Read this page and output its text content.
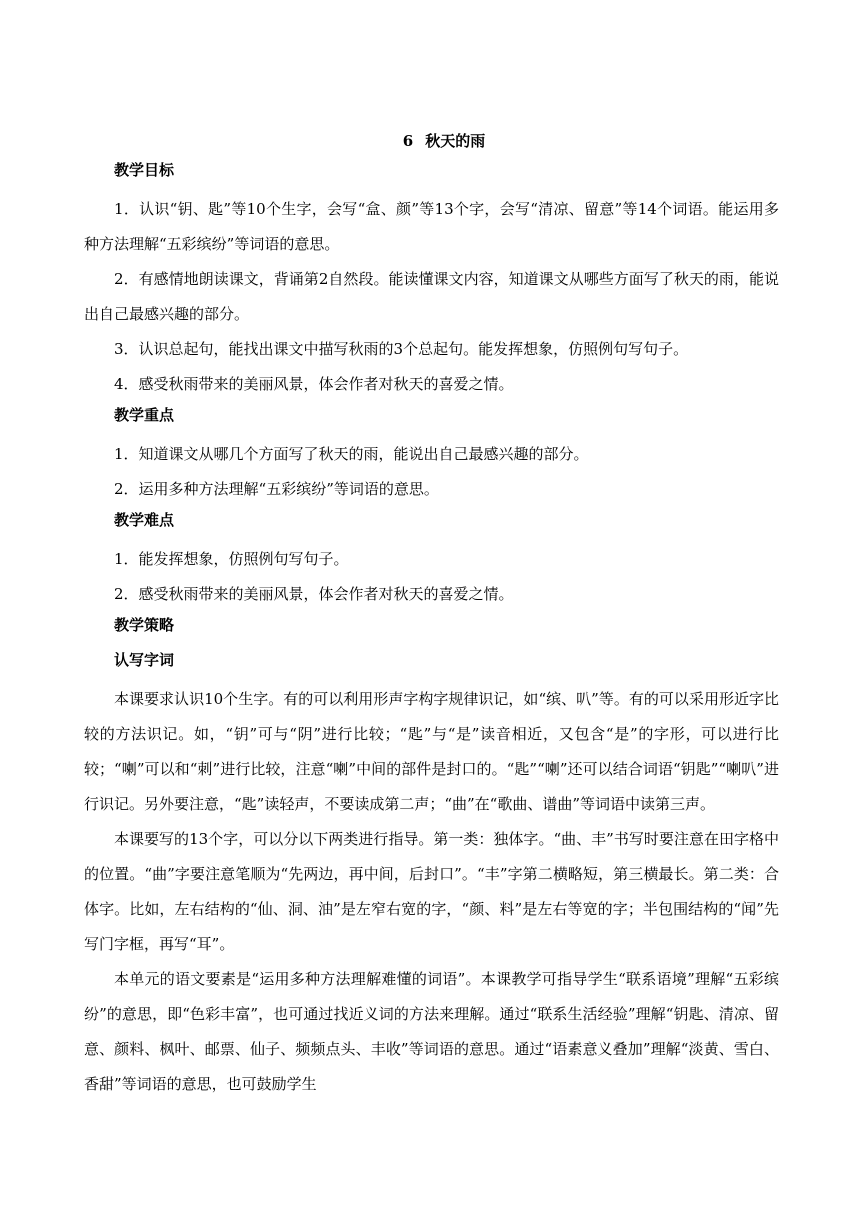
6 秋天的雨
教学目标

1．认识“钥、匙”等10个生字，会写“盒、颜”等13个字，会写“清凉、留意”等14个词语。能运用多种方法理解“五彩缤纷”等词语的意思。

2．有感情地朗读课文，背诵第2自然段。能读懂课文内容，知道课文从哪些方面写了秋天的雨，能说出自己最感兴趣的部分。

3．认识总起句，能找出课文中描写秋雨的3个总起句。能发挥想象，仿照例句写句子。

4．感受秋雨带来的美丽风景，体会作者对秋天的喜爱之情。

教学重点

1．知道课文从哪几个方面写了秋天的雨，能说出自己最感兴趣的部分。

2．运用多种方法理解“五彩缤纷”等词语的意思。

教学难点

1．能发挥想象，仿照例句写句子。

2．感受秋雨带来的美丽风景，体会作者对秋天的喜爱之情。

教学策略
认写字词

本课要求认识10个生字。有的可以利用形声字构字规律识记，如“缤、叭”等。有的可以采用形近字比较的方法识记。如，“钥”可与“阴”进行比较；“匙”与“是”读音相近，又包含“是”的字形，可以进行比较；“喇”可以和“刺”进行比较，注意“喇”中间的部件是封口的。“匙”“喇”还可以结合词语“钥匙”“喇叭”进行识记。另外要注意，“匙”读轻声，不要读成第二声；“曲”在“歌曲、谱曲”等词语中读第三声。

本课要写的13个字，可以分以下两类进行指导。第一类：独体字。“曲、丰”书写时要注意在田字格中的位置。“曲”字要注意笔顺为“先两边，再中间，后封口”。“丰”字第二横略短，第三横最长。第二类：合体字。比如，左右结构的“仙、洞、油”是左窄右宽的字，“颜、料”是左右等宽的字；半包围结构的“闻”先写门字框，再写“耳”。

本单元的语文要素是“运用多种方法理解难懂的词语”。本课教学可指导学生“联系语境”理解“五彩缤纷”的意思，即“色彩丰富”，也可通过找近义词的方法来理解。通过“联系生活经验”理解“钥匙、清凉、留意、颜料、枫叶、邮票、仙子、频频点头、丰收”等词语的意思。通过“语素意义叠加”理解“淡黄、雪白、香甜”等词语的意思，也可鼓励学生
